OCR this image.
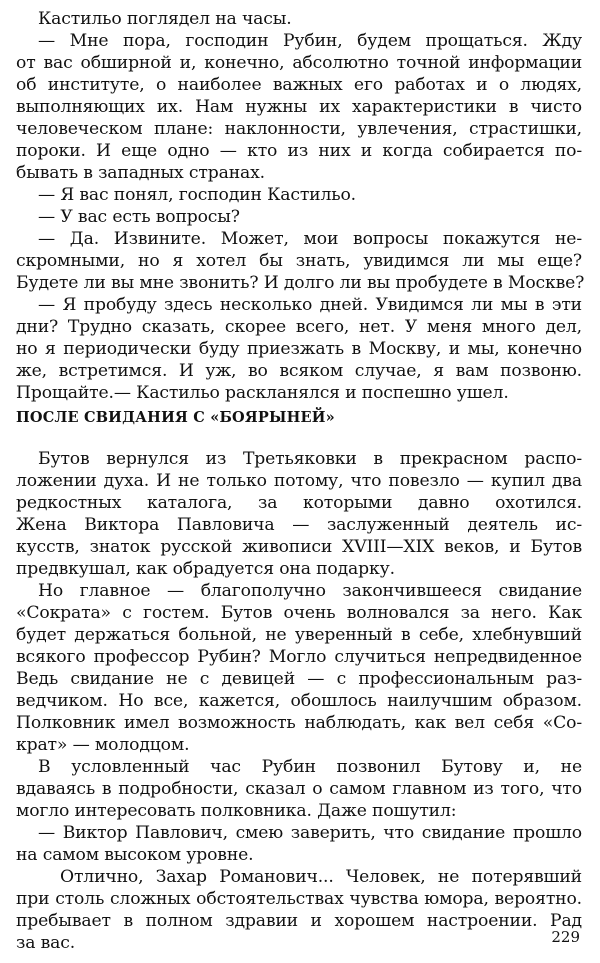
Кастильо поглядел на часы.
— Мне пора, господин Рубин, будем прощаться. Жду
от вас обширной и, конечно, абсолютно точной информации
об институте, о наиболее важных его работах и о людях,
выполняющих их. Нам нужны их характеристики в чисто
человеческом плане: наклонности, увлечения, страстишки,
пороки. И еще одно — кто из них и когда собирается по-
бывать в западных странах.
— Я вас понял, господин Кастильо.
— У вас есть вопросы?
— Да. Извините. Может, мои вопросы покажутся не-
скромными, но я хотел бы знать, увидимся ли мы еще?
Будете ли вы мне звонить? И долго ли вы пробудете в Москве?
— Я пробуду здесь несколько дней. Увидимся ли мы в эти
дни? Трудно сказать, скорее всего, нет. У меня много дел,
но я периодически буду приезжать в Москву, и мы, конечно
же, встретимся. И уж, во всяком случае, я вам позвоню.
Прощайте.— Кастильо раскланялся и поспешно ушел.
ПОСЛЕ СВИДАНИЯ С «БОЯРЫНЕЙ»
Бутов вернулся из Третьяковки в прекрасном распо-
ложении духа. И не только потому, что повезло — купил два
редкостных каталога, за которыми давно охотился.
Жена Виктора Павловича — заслуженный деятель ис-
кусств, знаток русской живописи XVIII—XIX веков, и Бутов
предвкушал, как обрадуется она подарку.
Но главное — благополучно закончившееся свидание
«Сократа» с гостем. Бутов очень волновался за него. Как
будет держаться больной, не уверенный в себе, хлебнувший
всякого профессор Рубин? Могло случиться непредвиденное
Ведь свидание не с девицей — с профессиональным раз-
ведчиком. Но все, кажется, обошлось наилучшим образом.
Полковник имел возможность наблюдать, как вел себя «Со-
крат» — молодцом.
В условленный час Рубин позвонил Бутову и, не
вдаваясь в подробности, сказал о самом главном из того, что
могло интересовать полковника. Даже пошутил:
— Виктор Павлович, смею заверить, что свидание прошло
на самом высоком уровне.
Отлично, Захар Романович... Человек, не потерявший
при столь сложных обстоятельствах чувства юмора, вероятно.
пребывает в полном здравии и хорошем настроении. Рад
за вас.	229
